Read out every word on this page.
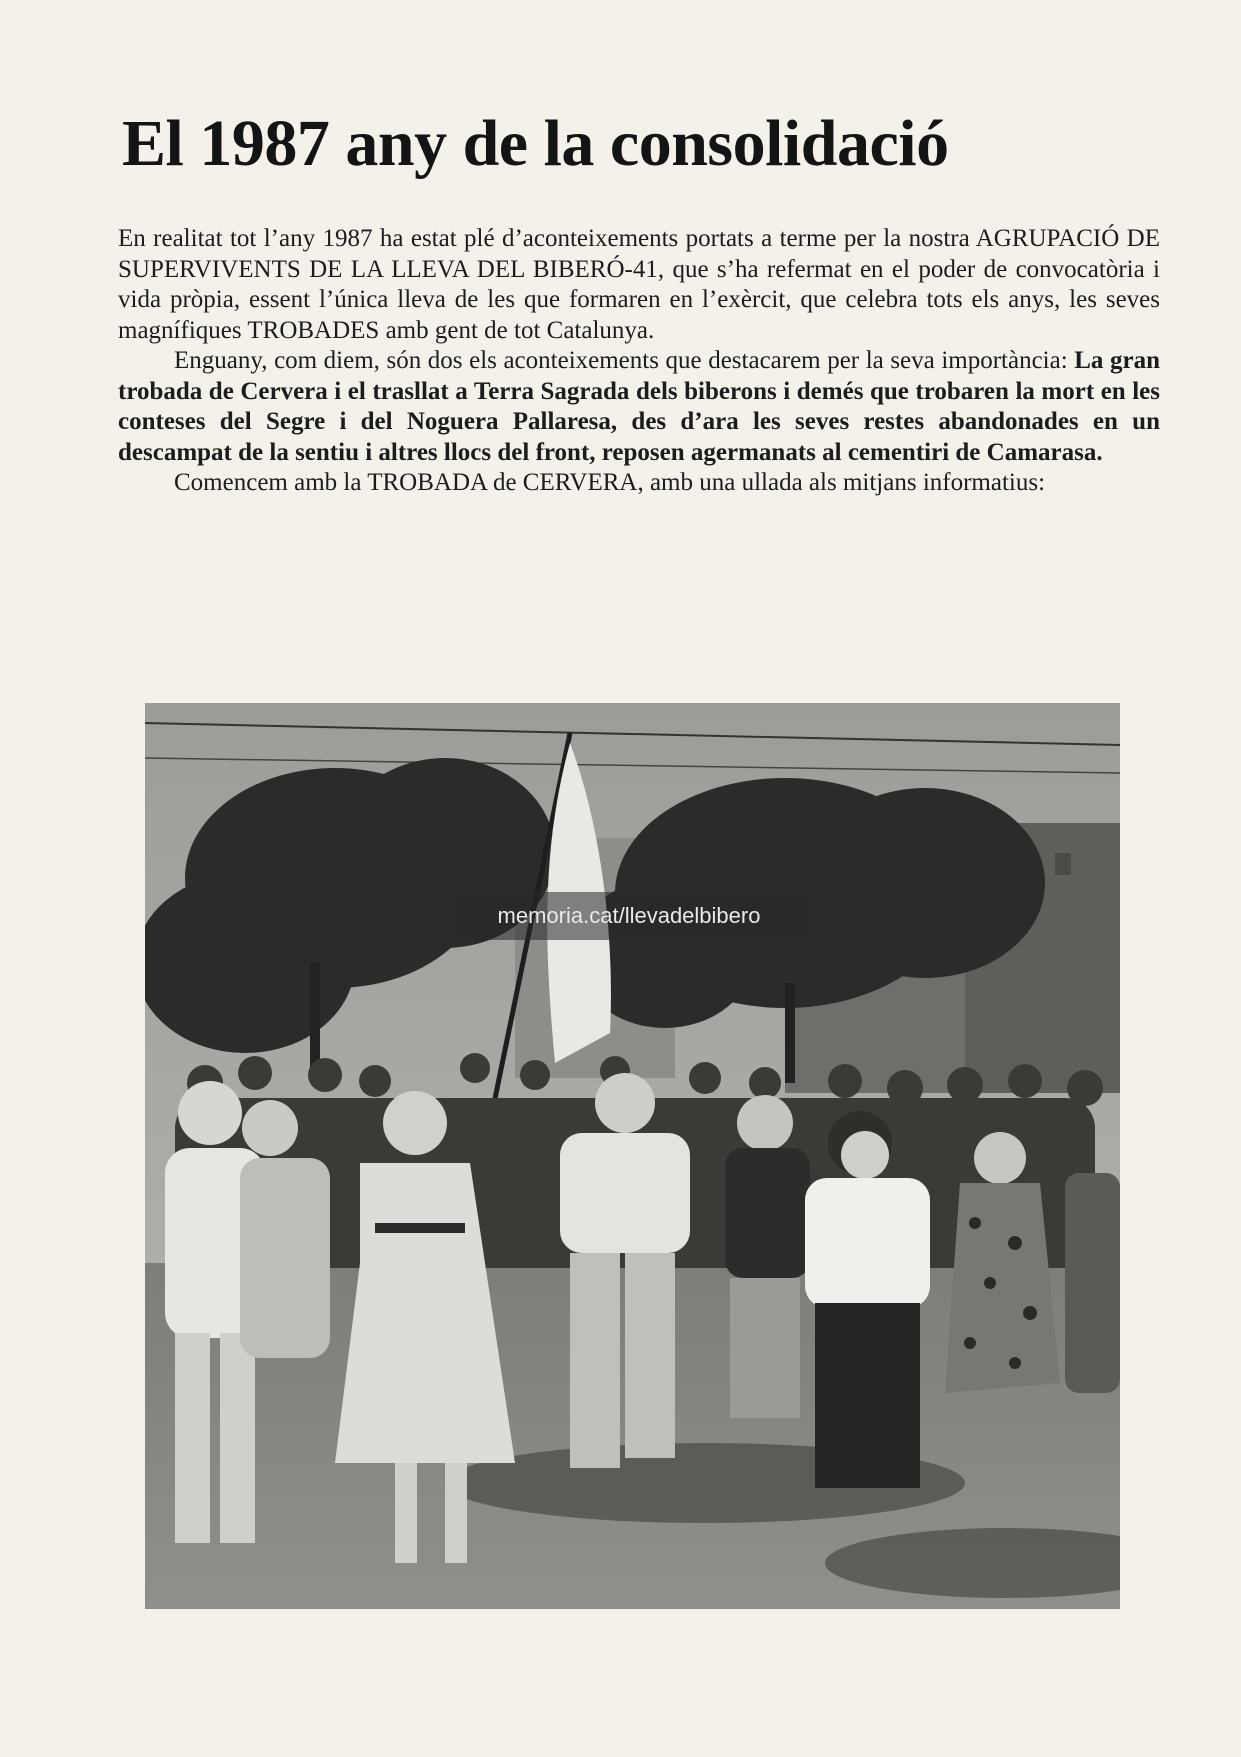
El 1987 any de la consolidació

En realitat tot l’any 1987 ha estat plé d’aconteixements portats a terme per la nostra AGRUPACIÓ DE SUPERVIVENTS DE LA LLEVA DEL BIBERÓ-41, que s’ha refermat en el poder de convocatòria i vida pròpia, essent l’única lleva de les que formaren en l’exèrcit, que celebra tots els anys, les seves magnífiques TROBADES amb gent de tot Catalunya.

Enguany, com diem, són dos els aconteixements que destacarem per la seva importància: La gran trobada de Cervera i el trasllat a Terra Sagrada dels biberons i demés que trobaren la mort en les conteses del Segre i del Noguera Pallaresa, des d’ara les seves restes abandonades en un descampat de la sentiu i altres llocs del front, reposen agermanats al cementiri de Camarasa.

Comencem amb la TROBADA de CERVERA, amb una ullada als mitjans informatius:

memoria.cat/llevadelbibero
